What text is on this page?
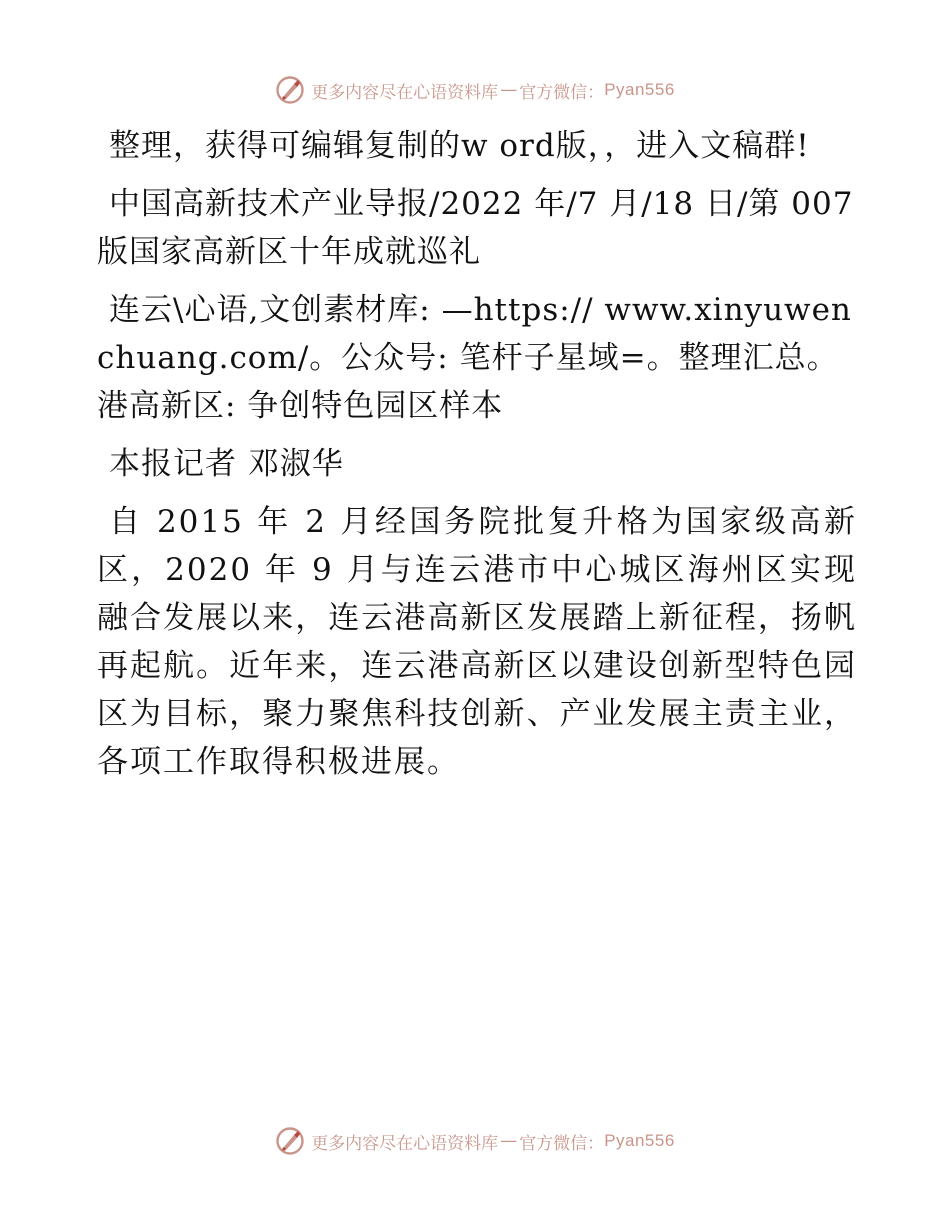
更多内容尽在心语资料库 — 官方微信： Pyan556

整理，获得可编辑复制的w ord版，，进入文稿群!

中国高新技术产业导报/2022 年/7 月/18 日/第 007 版国家高新区十年成就巡礼

连云\心语,文创素材库: —https:// www.xinyuwenchuang.com/。公众号: 笔杆子星域=。整理汇总。港高新区: 争创特色园区样本

本报记者 邓淑华

自 2015 年 2 月经国务院批复升格为国家级高新区，2020 年 9 月与连云港市中心城区海州区实现融合发展以来，连云港高新区发展踏上新征程，扬帆再起航。近年来，连云港高新区以建设创新型特色园区为目标，聚力聚焦科技创新、产业发展主责主业，各项工作取得积极进展。

更多内容尽在心语资料库 — 官方微信： Pyan556
